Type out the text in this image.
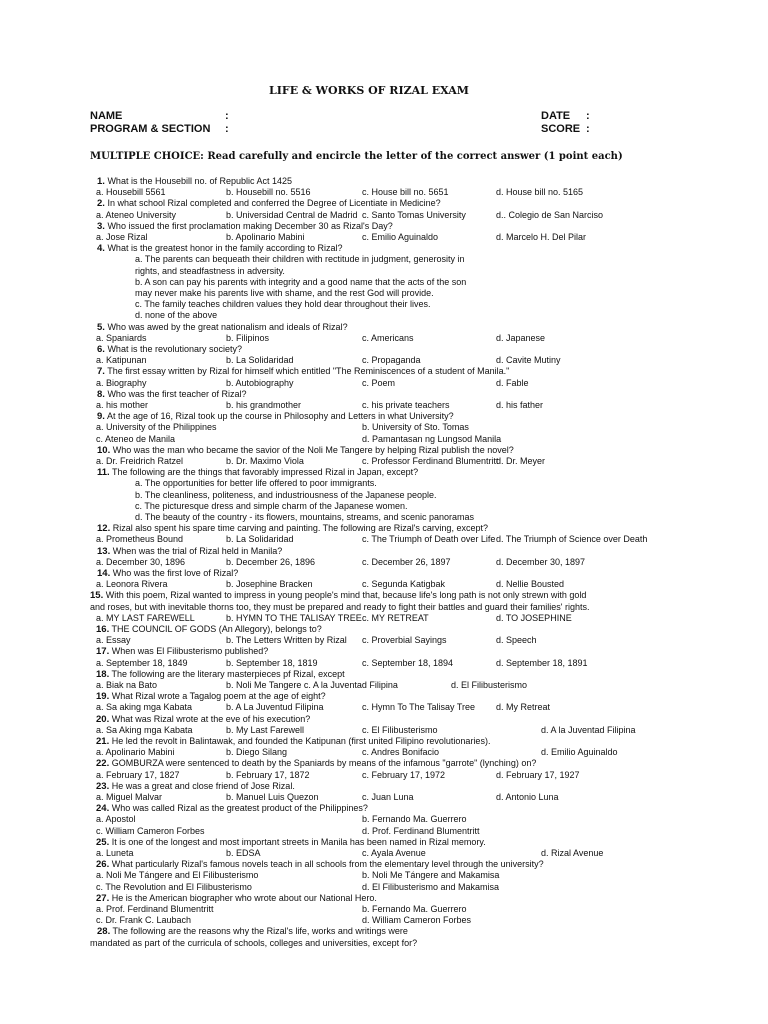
LIFE & WORKS OF RIZAL EXAM
NAME	:
PROGRAM & SECTION :
DATE :
SCORE :
MULTIPLE CHOICE: Read carefully and encircle the letter of the correct answer (1 point each)
1. What is the Housebill no. of Republic Act 1425
a. Housebill 5561	b. Housebill no. 5516	c. House bill no. 5651	d. House bill no. 5165
2. In what school Rizal completed and conferred the Degree of Licentiate in Medicine?
a. Ateneo University	b. Universidad Central de Madrid c. Santo Tomas University	d.. Colegio de San Narciso
3. Who issued the first proclamation making December 30 as Rizal's Day?
a. Jose Rizal	b. Apolinario Mabini	c. Emilio Aguinaldo	d. Marcelo H. Del Pilar
4. What is the greatest honor in the family according to Rizal?
a. The parents can bequeath their children with rectitude in judgment, generosity in
rights, and steadfastness in adversity.
b. A son can pay his parents with integrity and a good name that the acts of the son
may never make his parents live with shame, and the rest God will provide.
c. The family teaches children values they hold dear throughout their lives.
d. none of the above
5. Who was awed by the great nationalism and ideals of Rizal?
a. Spaniards	b. Filipinos	c. Americans	d. Japanese
6. What is the revolutionary society?
a. Katipunan	b. La Solidaridad	c. Propaganda	d. Cavite Mutiny
7. The first essay written by Rizal for himself which entitled "The Reminiscences of a student of Manila."
a. Biography	b. Autobiography	c. Poem	d. Fable
8. Who was the first teacher of Rizal?
a. his mother	b. his grandmother	c. his private teachers	d. his father
9. At the age of 16, Rizal took up the course in Philosophy and Letters in what University?
a. University of the Philippines	b. University of Sto. Tomas
c. Ateneo de Manila	d. Pamantasan ng Lungsod Manila
10. Who was the man who became the savior of the Noli Me Tangere by helping Rizal publish the novel?
a. Dr. Freidrich Ratzel	b. Dr. Maximo Viola	c. Professor Ferdinand Blumentritt
d. Dr. Meyer
11. The following are the things that favorably impressed Rizal in Japan, except?
a. The opportunities for better life offered to poor immigrants.
b. The cleanliness, politeness, and industriousness of the Japanese people.
c. The picturesque dress and simple charm of the Japanese women.
d. The beauty of the country - its flowers, mountains, streams, and scenic panoramas
12. Rizal also spent his spare time carving and painting. The following are Rizal's carving, except?
a. Prometheus Bound	b. La Solidaridad	c. The Triumph of Death over Life d. The Triumph of Science over Death
13. When was the trial of Rizal held in Manila?
a. December 30, 1896	b. December 26, 1896	c. December 26, 1897	d. December 30, 1897
14. Who was the first love of Rizal?
a. Leonora Rivera	b. Josephine Bracken	c. Segunda Katigbak	d. Nellie Bousted
15. With this poem, Rizal wanted to impress in young people's mind that, because life's long path is not only strewn with gold
and roses, but with inevitable thorns too, they must be prepared and ready to fight their battles and guard their families' rights.
a. MY LAST FAREWELL	b. HYMN TO THE TALISAY TREE c. MY RETREAT	d. TO JOSEPHINE
16. THE COUNCIL OF GODS (An Allegory), belongs to?
a. Essay	b. The Letters Written by Rizal c. Proverbial Sayings	d. Speech
17. When was El Filibusterismo published?
a. September 18, 1849	b. September 18, 1819	c. September 18, 1894	d. September 18, 1891
18. The following are the literary masterpieces pf Rizal, except
a. Biak na Bato	b. Noli Me Tangere c. A la Juventad Filipina	d. El Filibusterismo
19. What Rizal wrote a Tagalog poem at the age of eight?
a. Sa aking mga Kabata	b. A La Juventud Filipina	c. Hymn To The Talisay Tree d. My Retreat
20. What was Rizal wrote at the eve of his execution?
a. Sa Aking mga Kabata	b. My Last Farewell	c. El Filibusterismo	d. A la Juventad Filipina
21. He led the revolt in Balintawak, and founded the Katipunan (first united Filipino revolutionaries).
a. Apolinario Mabini	b. Diego Silang	c. Andres Bonifacio	d. Emilio Aguinaldo
22. GOMBURZA were sentenced to death by the Spaniards by means of the infamous "garrote" (lynching) on?
a. February 17, 1827	b. February 17, 1872	c. February 17, 1972	d. February 17, 1927
23. He was a great and close friend of Jose Rizal.
a. Miguel Malvar	b. Manuel Luis Quezon	c. Juan Luna	d. Antonio Luna
24. Who was called Rizal as the greatest product of the Philippines?
a. Apostol	b. Fernando Ma. Guerrero
c. William Cameron Forbes	d. Prof. Ferdinand Blumentritt
25. It is one of the longest and most important streets in Manila has been named in Rizal memory.
a. Luneta	b. EDSA	c. Ayala Avenue	d. Rizal Avenue
26. What particularly Rizal's famous novels teach in all schools from the elementary level through the university?
a. Noli Me Tángere and El Filibusterismo	b. Noli Me Tángere and Makamisa
c. The Revolution and El Filibusterismo	d. El Filibusterismo and Makamisa
27. He is the American biographer who wrote about our National Hero.
a. Prof. Ferdinand Blumentritt	b. Fernando Ma. Guerrero
c. Dr. Frank C. Laubach	d. William Cameron Forbes
28. The following are the reasons why the Rizal's life, works and writings were
mandated as part of the curricula of schools, colleges and universities, except for?
